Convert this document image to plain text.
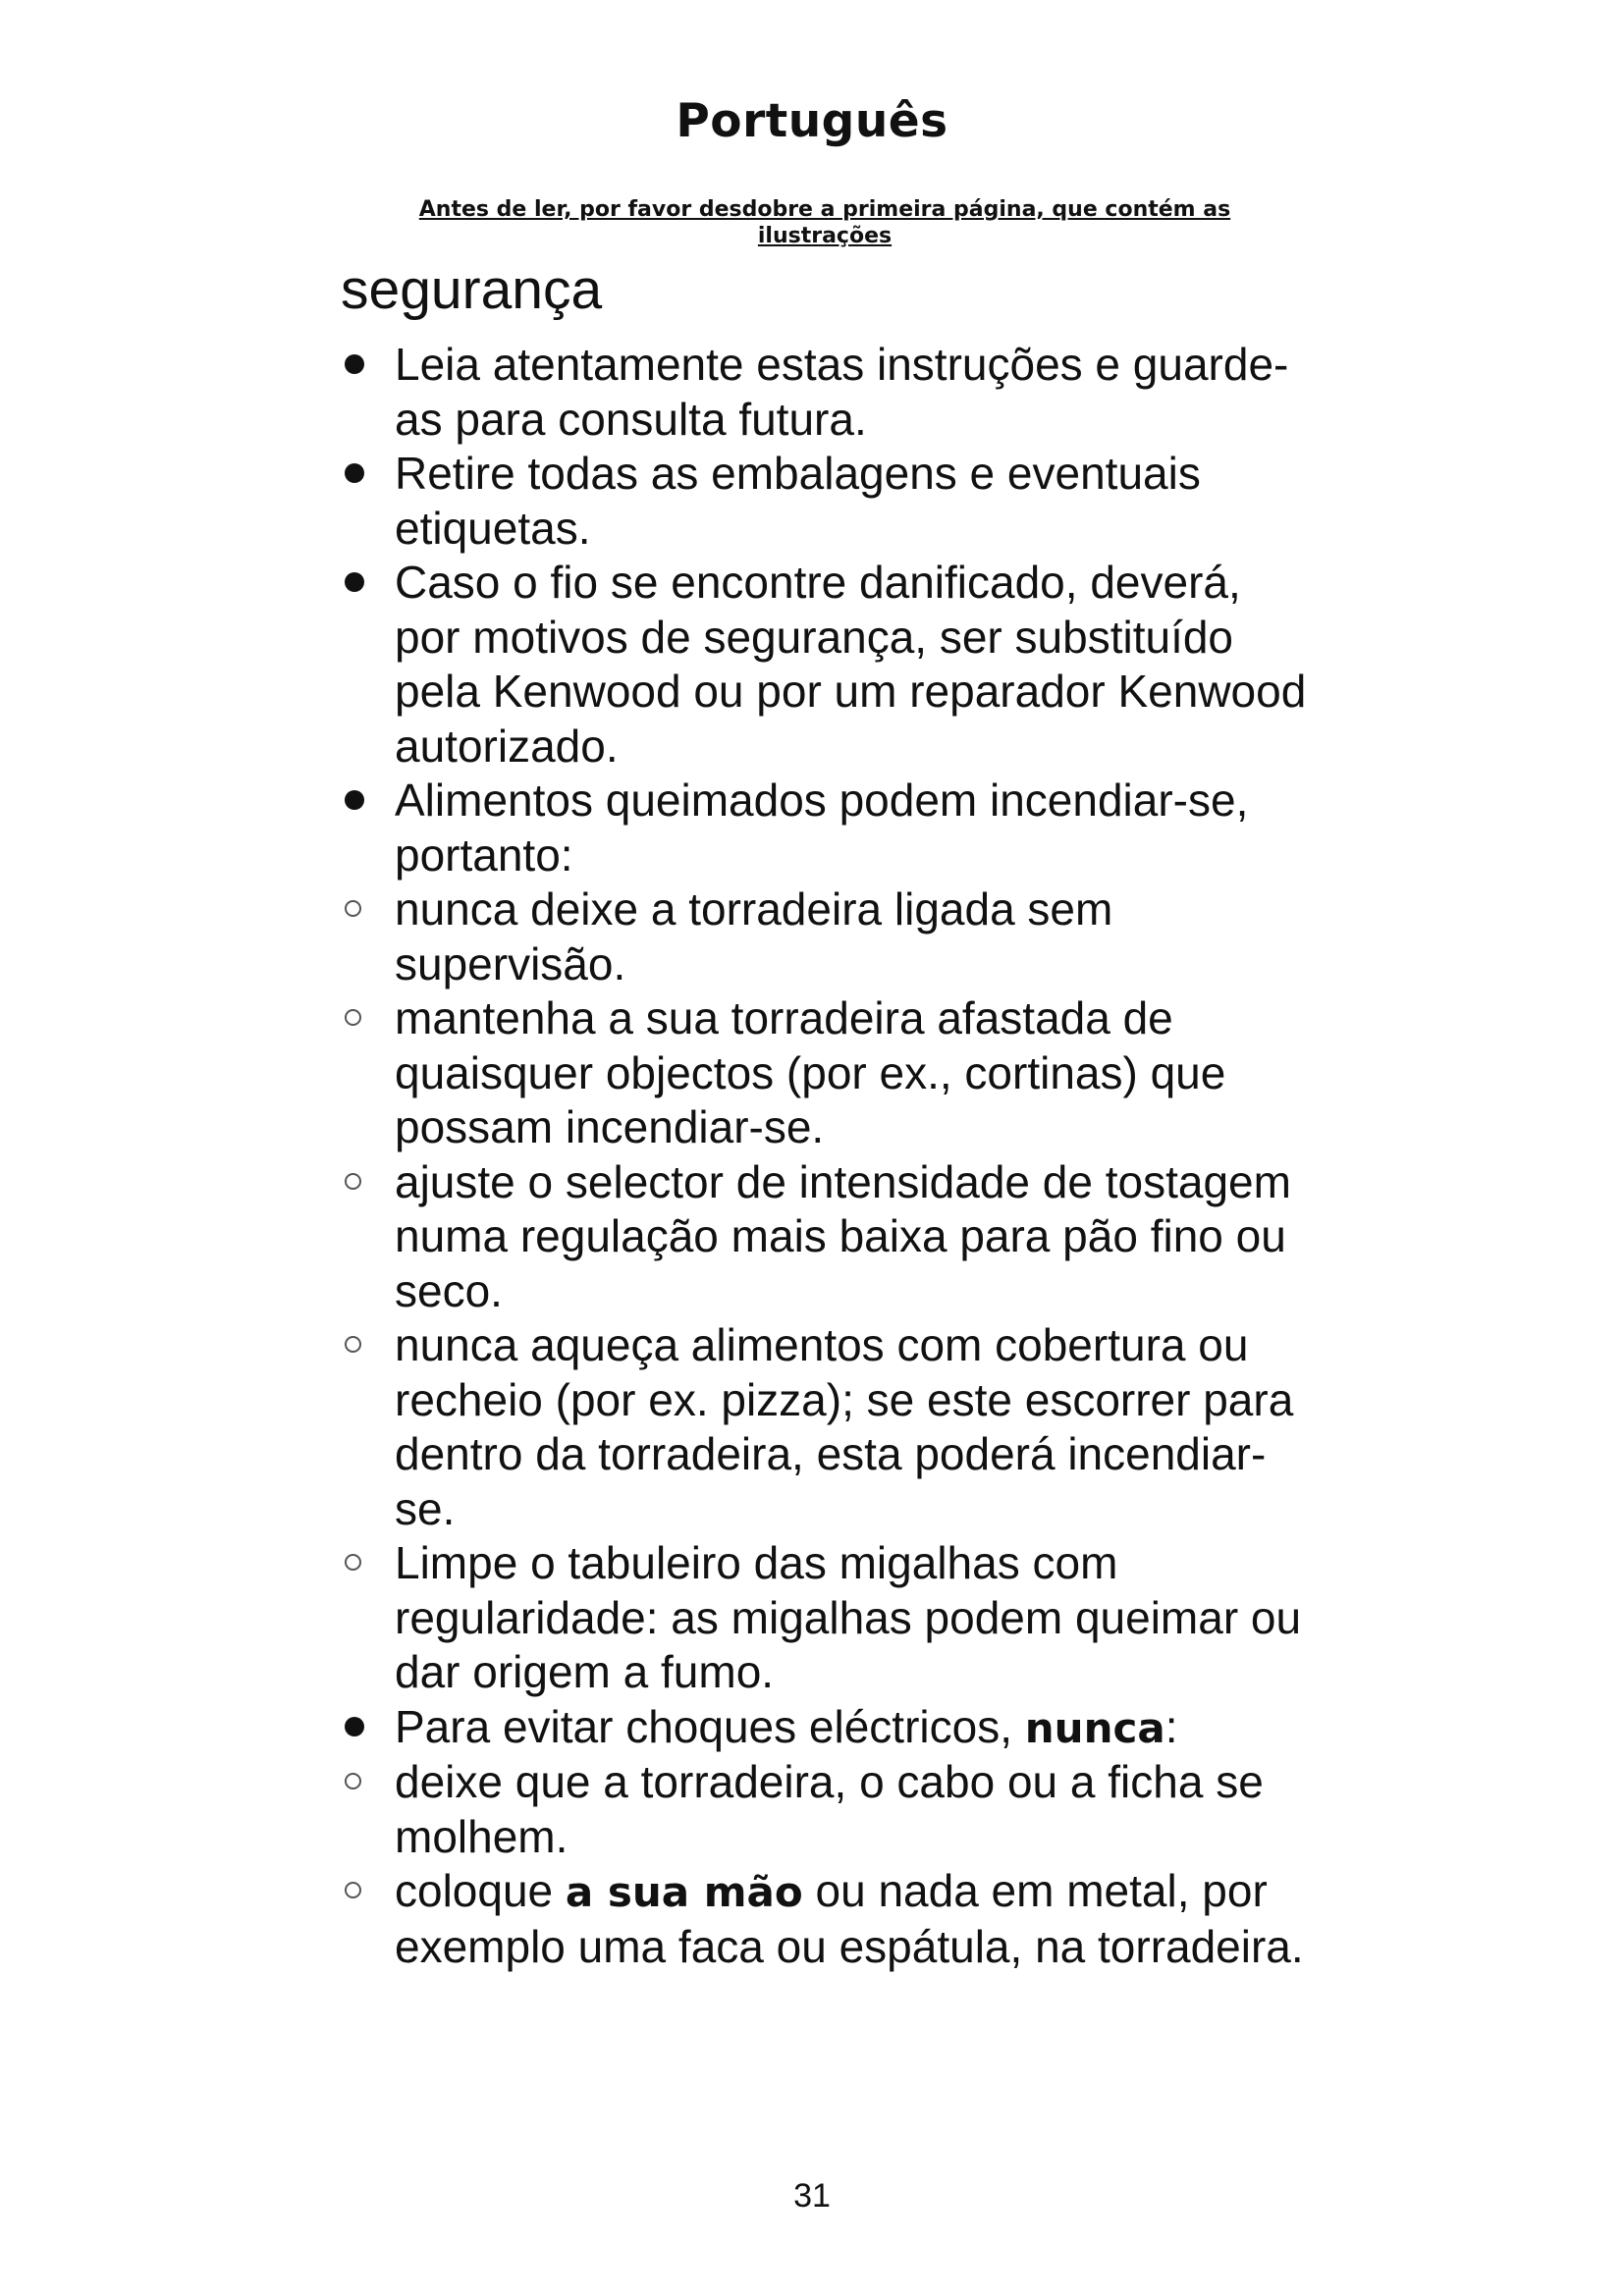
Português

Antes de ler, por favor desdobre a primeira página, que contém as ilustrações

segurança
Leia atentamente estas instruções e guarde-as para consulta futura.
Retire todas as embalagens e eventuais etiquetas.
Caso o fio se encontre danificado, deverá, por motivos de segurança, ser substituído pela Kenwood ou por um reparador Kenwood autorizado.
Alimentos queimados podem incendiar-se, portanto:
nunca deixe a torradeira ligada sem supervisão.
mantenha a sua torradeira afastada de quaisquer objectos (por ex., cortinas) que possam incendiar-se.
ajuste o selector de intensidade de tostagem numa regulação mais baixa para pão fino ou seco.
nunca aqueça alimentos com cobertura ou recheio (por ex. pizza); se este escorrer para dentro da torradeira, esta poderá incendiar-se.
Limpe o tabuleiro das migalhas com regularidade: as migalhas podem queimar ou dar origem a fumo.
Para evitar choques eléctricos, nunca:
deixe que a torradeira, o cabo ou a ficha se molhem.
coloque a sua mão ou nada em metal, por exemplo uma faca ou espátula, na torradeira.
31
